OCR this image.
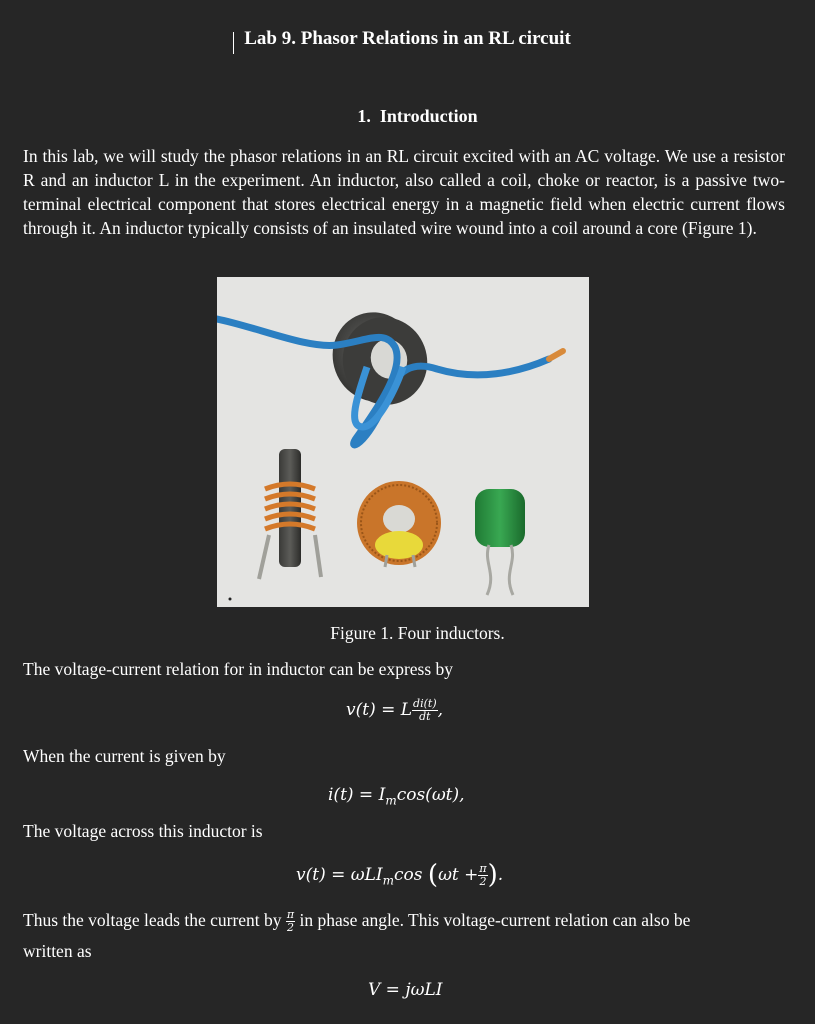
Lab 9. Phasor Relations in an RL circuit
1. Introduction
In this lab, we will study the phasor relations in an RL circuit excited with an AC voltage. We use a resistor R and an inductor L in the experiment. An inductor, also called a coil, choke or reactor, is a passive two-terminal electrical component that stores electrical energy in a magnetic field when electric current flows through it. An inductor typically consists of an insulated wire wound into a coil around a core (Figure 1).
Figure 1. Four inductors.
The voltage-current relation for in inductor can be express by
v(t) = L $\frac{di(t)}{dt}$ ,
When the current is given by
$i(t) = I_m\cos(\omega t)$,
The voltage across this inductor is
v(t) = ωLI$_m$cos ($\omega t + \frac{\pi}{2}$ ).
Thus the voltage leads the current by $\frac{\pi}{2}$ in phase angle. This voltage-current relation can also be
written as
V = jωLI
